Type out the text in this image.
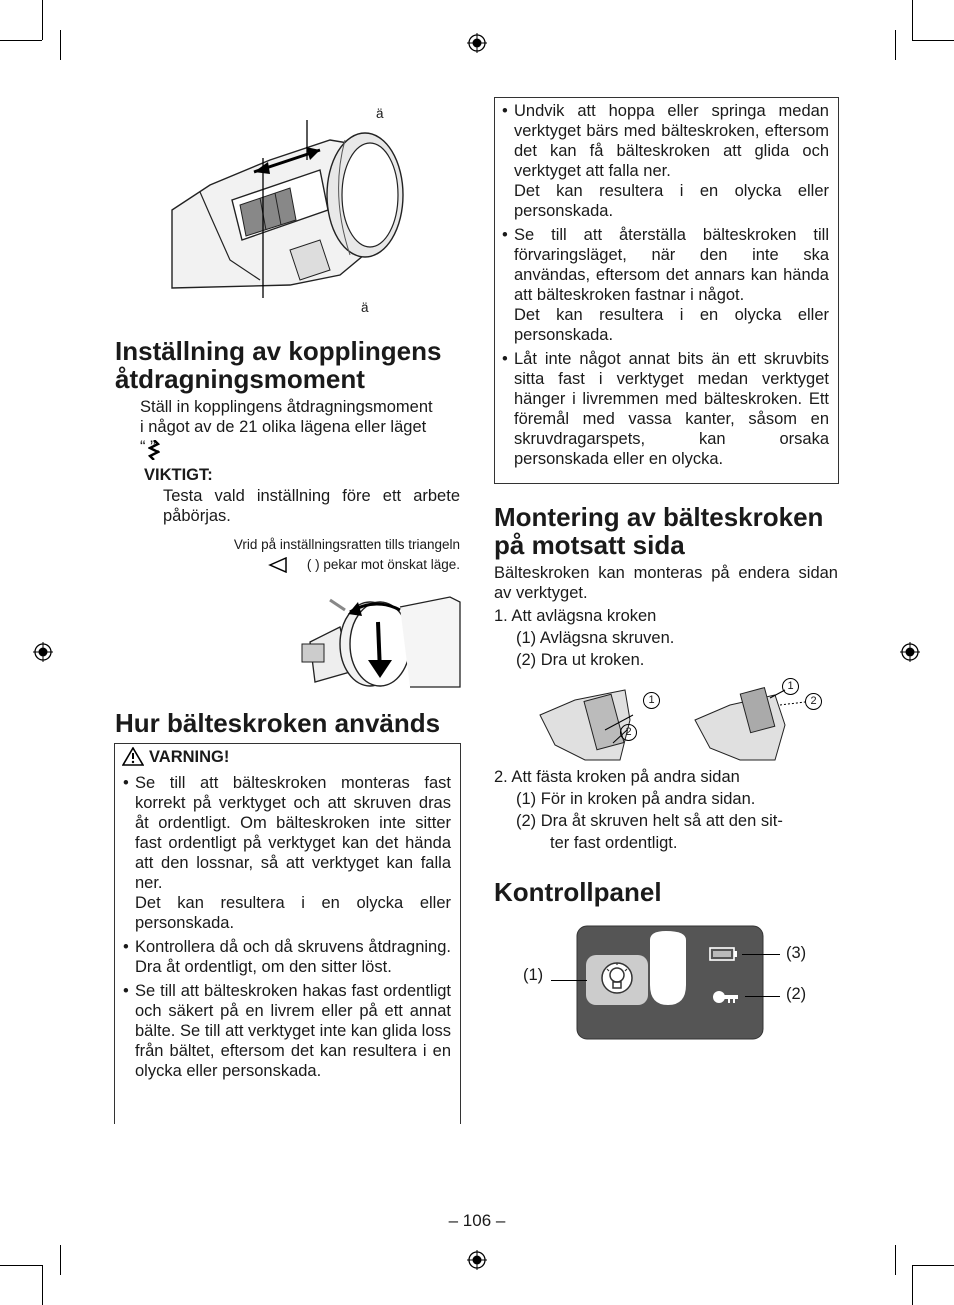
ä
ä
Inställning av kopplingens
åtdragningsmoment
Ställ in kopplingens åtdragningsmoment
i något av de 21 olika lägena eller läget
“ ”.
VIKTIGT:
Testa vald inställning före ett arbete påbörjas.
Vrid på inställningsratten tills triangeln
( ) pekar mot önskat läge.
Hur bälteskroken används
VARNING!
• Se till att bälteskroken monteras fast korrekt på verktyget och att skruven dras åt ordentligt. Om bälteskroken inte sitter fast ordentligt på verktyget kan det hända att den lossnar, så att verktyget kan falla ner.
Det kan resultera i en olycka eller personskada.
• Kontrollera då och då skruvens åtdragning. Dra åt ordentligt, om den sitter löst.
• Se till att bälteskroken hakas fast ordentligt och säkert på en livrem eller på ett annat bälte. Se till att verktyget inte kan glida loss från bältet, eftersom det kan resultera i en olycka eller personskada.
• Undvik att hoppa eller springa medan verktyget bärs med bälteskroken, eftersom det kan få bälteskroken att glida och verktyget att falla ner.
Det kan resultera i en olycka eller personskada.
• Se till att återställa bälteskroken till förvaringsläget, när den inte ska användas, eftersom det annars kan hända att bälteskroken fastnar i något.
Det kan resultera i en olycka eller personskada.
• Låt inte något annat bits än ett skruvbits sitta fast i verktyget medan verktyget hänger i livremmen med bälteskroken. Ett föremål med vassa kanter, såsom en skruvdragarspets, kan orsaka personskada eller en olycka.
Montering av bälteskroken
på motsatt sida
Bälteskroken kan monteras på endera sidan av verktyget.
1. Att avlägsna kroken
(1) Avlägsna skruven.
(2) Dra ut kroken.
1
2
1
2
2. Att fästa kroken på andra sidan
(1) För in kroken på andra sidan.
(2) Dra åt skruven helt så att den sit-
ter fast ordentligt.
Kontrollpanel
(1)
(2)
(3)
– 106 –
